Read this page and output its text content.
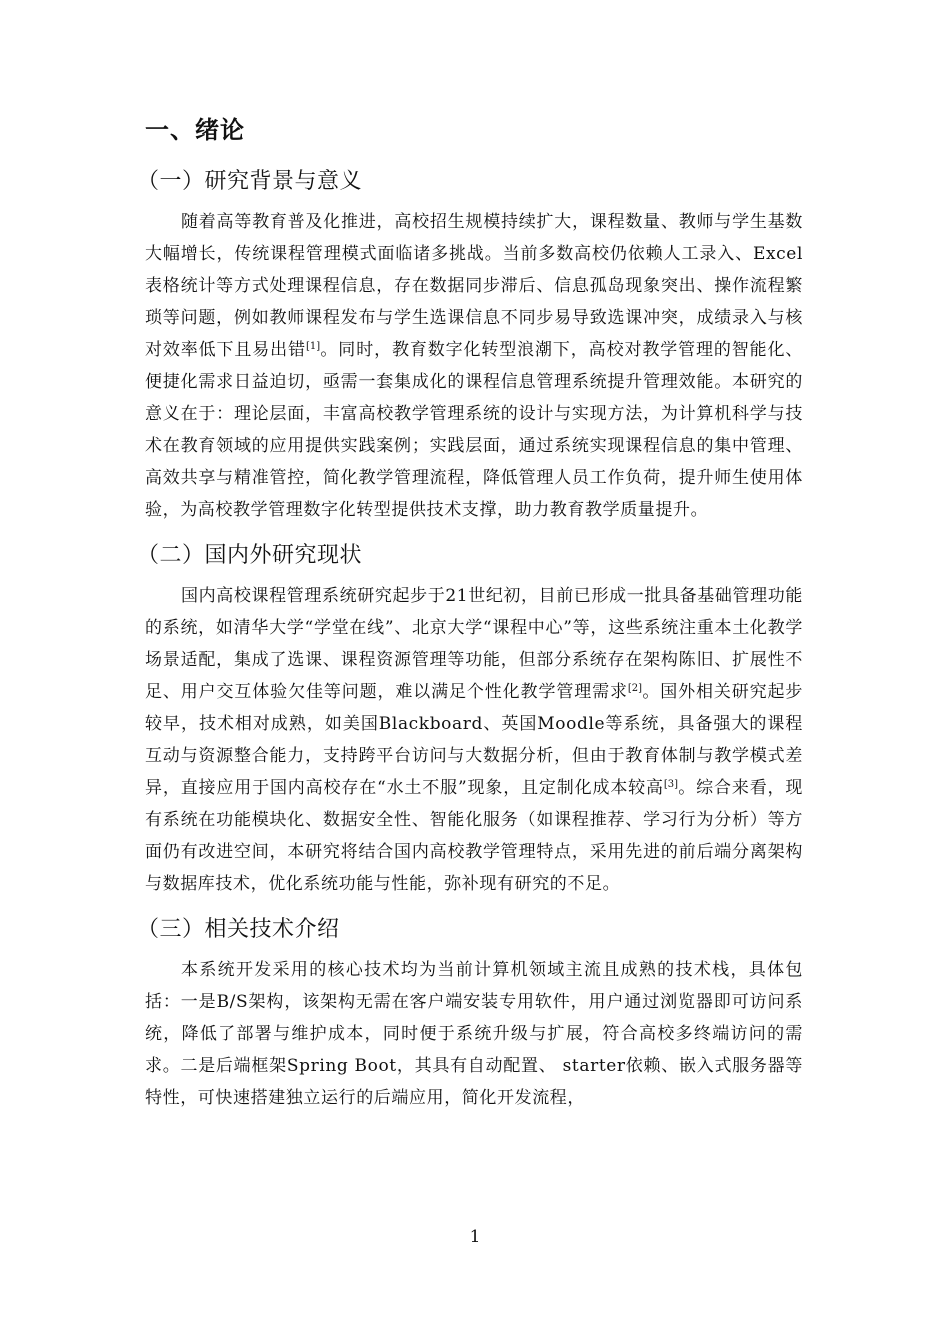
一、绪论
（一）研究背景与意义

随着高等教育普及化推进，高校招生规模持续扩大，课程数量、教师与学生基数大幅增长，传统课程管理模式面临诸多挑战。当前多数高校仍依赖人工录入、Excel表格统计等方式处理课程信息，存在数据同步滞后、信息孤岛现象突出、操作流程繁琐等问题，例如教师课程发布与学生选课信息不同步易导致选课冲突，成绩录入与核对效率低下且易出错[1]。同时，教育数字化转型浪潮下，高校对教学管理的智能化、便捷化需求日益迫切，亟需一套集成化的课程信息管理系统提升管理效能。本研究的意义在于：理论层面，丰富高校教学管理系统的设计与实现方法，为计算机科学与技术在教育领域的应用提供实践案例；实践层面，通过系统实现课程信息的集中管理、高效共享与精准管控，简化教学管理流程，降低管理人员工作负荷，提升师生使用体验，为高校教学管理数字化转型提供技术支撑，助力教育教学质量提升。

（二）国内外研究现状

国内高校课程管理系统研究起步于21世纪初，目前已形成一批具备基础管理功能的系统，如清华大学“学堂在线”、北京大学“课程中心”等，这些系统注重本土化教学场景适配，集成了选课、课程资源管理等功能，但部分系统存在架构陈旧、扩展性不足、用户交互体验欠佳等问题，难以满足个性化教学管理需求[2]。国外相关研究起步较早，技术相对成熟，如美国Blackboard、英国Moodle等系统，具备强大的课程互动与资源整合能力，支持跨平台访问与大数据分析，但由于教育体制与教学模式差异，直接应用于国内高校存在“水土不服”现象，且定制化成本较高[3]。综合来看，现有系统在功能模块化、数据安全性、智能化服务（如课程推荐、学习行为分析）等方面仍有改进空间，本研究将结合国内高校教学管理特点，采用先进的前后端分离架构与数据库技术，优化系统功能与性能，弥补现有研究的不足。

（三）相关技术介绍

本系统开发采用的核心技术均为当前计算机领域主流且成熟的技术栈，具体包括：一是B/S架构，该架构无需在客户端安装专用软件，用户通过浏览器即可访问系统，降低了部署与维护成本，同时便于系统升级与扩展，符合高校多终端访问的需求。二是后端框架Spring Boot，其具有自动配置、 starter依赖、嵌入式服务器等特性，可快速搭建独立运行的后端应用，简化开发流程，

1
